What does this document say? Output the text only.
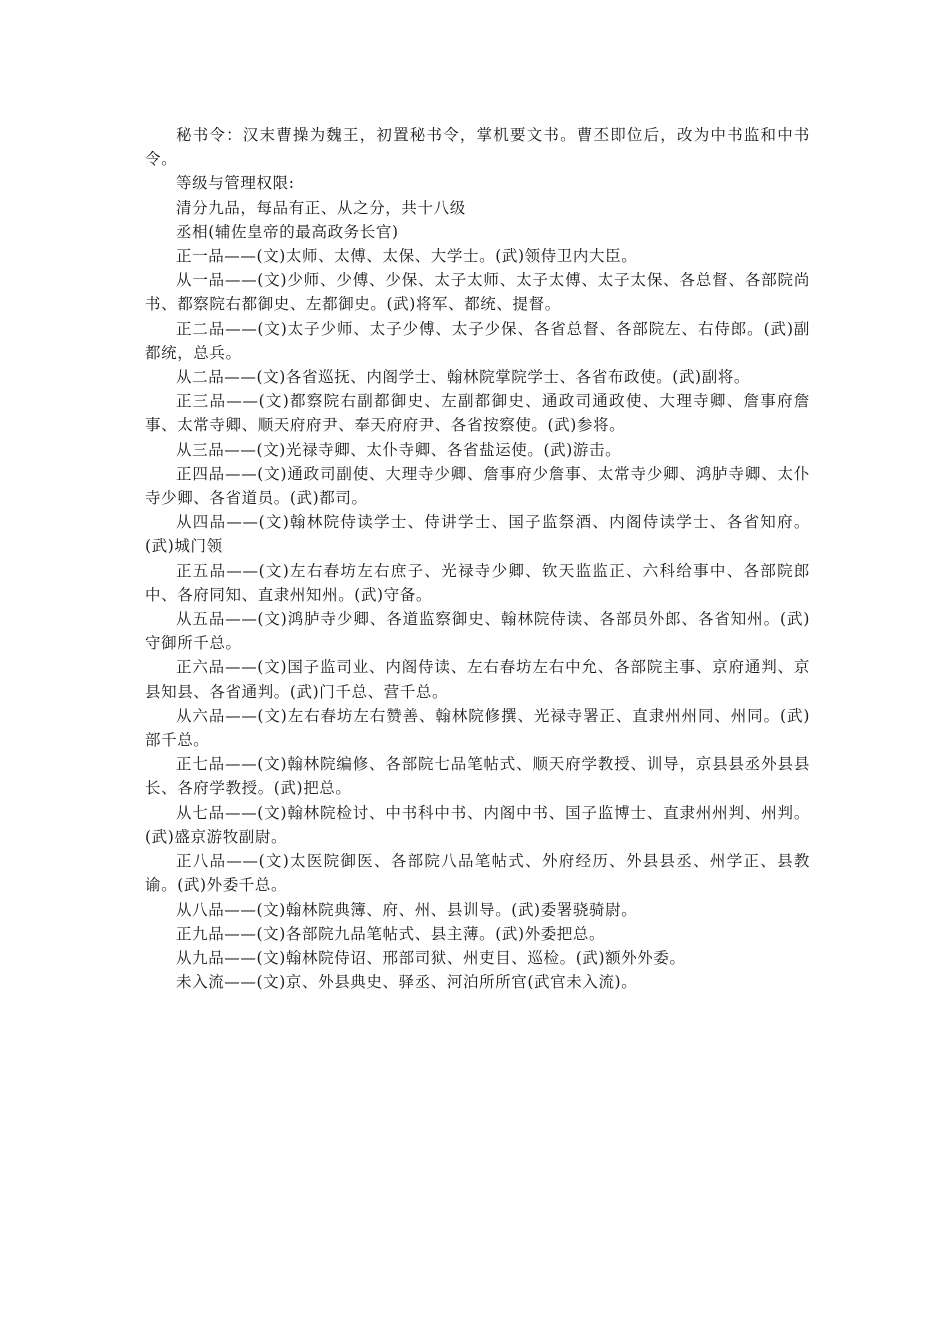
秘书令：汉末曹操为魏王，初置秘书令，掌机要文书。曹丕即位后，改为中书监和中书令。

等级与管理权限:

清分九品，每品有正、从之分，共十八级

丞相(辅佐皇帝的最高政务长官)

正一品——(文)太师、太傅、太保、大学士。(武)领侍卫内大臣。

从一品——(文)少师、少傅、少保、太子太师、太子太傅、太子太保、各总督、各部院尚书、都察院右都御史、左都御史。(武)将军、都统、提督。

正二品——(文)太子少师、太子少傅、太子少保、各省总督、各部院左、右侍郎。(武)副都统，总兵。

从二品——(文)各省巡抚、内阁学士、翰林院掌院学士、各省布政使。(武)副将。

正三品——(文)都察院右副都御史、左副都御史、通政司通政使、大理寺卿、詹事府詹事、太常寺卿、顺天府府尹、奉天府府尹、各省按察使。(武)参将。

从三品——(文)光禄寺卿、太仆寺卿、各省盐运使。(武)游击。

正四品——(文)通政司副使、大理寺少卿、詹事府少詹事、太常寺少卿、鸿胪寺卿、太仆寺少卿、各省道员。(武)都司。

从四品——(文)翰林院侍读学士、侍讲学士、国子监祭酒、内阁侍读学士、各省知府。(武)城门领

正五品——(文)左右春坊左右庶子、光禄寺少卿、钦天监监正、六科给事中、各部院郎中、各府同知、直隶州知州。(武)守备。

从五品——(文)鸿胪寺少卿、各道监察御史、翰林院侍读、各部员外郎、各省知州。(武)守御所千总。

正六品——(文)国子监司业、内阁侍读、左右春坊左右中允、各部院主事、京府通判、京县知县、各省通判。(武)门千总、营千总。

从六品——(文)左右春坊左右赞善、翰林院修撰、光禄寺署正、直隶州州同、州同。(武)部千总。

正七品——(文)翰林院编修、各部院七品笔帖式、顺天府学教授、训导，京县县丞外县县长、各府学教授。(武)把总。

从七品——(文)翰林院检讨、中书科中书、内阁中书、国子监博士、直隶州州判、州判。(武)盛京游牧副尉。

正八品——(文)太医院御医、各部院八品笔帖式、外府经历、外县县丞、州学正、县教谕。(武)外委千总。

从八品——(文)翰林院典簿、府、州、县训导。(武)委署骁骑尉。

正九品——(文)各部院九品笔帖式、县主薄。(武)外委把总。

从九品——(文)翰林院侍诏、邢部司狱、州吏目、巡检。(武)额外外委。

未入流——(文)京、外县典史、驿丞、河泊所所官(武官未入流)。
